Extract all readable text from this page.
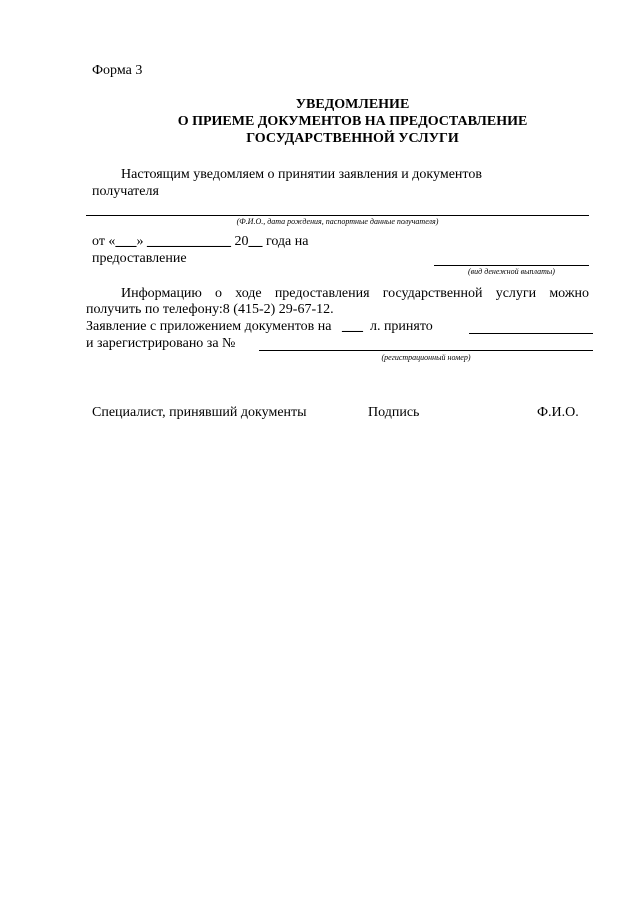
Форма 3
УВЕДОМЛЕНИЕ
О ПРИЕМЕ ДОКУМЕНТОВ НА ПРЕДОСТАВЛЕНИЕ
ГОСУДАРСТВЕННОЙ УСЛУГИ
Настоящим уведомляем о принятии заявления и документов
получателя
(Ф.И.О., дата рождения, паспортные данные получателя)
от «___» ____________ 20__ года на
предоставление
(вид денежной выплаты)
Информацию о ходе предоставления государственной услуги можно
получить по телефону:8 (415-2) 29-67-12.
Заявление с приложением документов на ___ л. принято
и зарегистрировано за №
(регистрационный номер)
Специалист, принявший документы	Подпись	Ф.И.О.
